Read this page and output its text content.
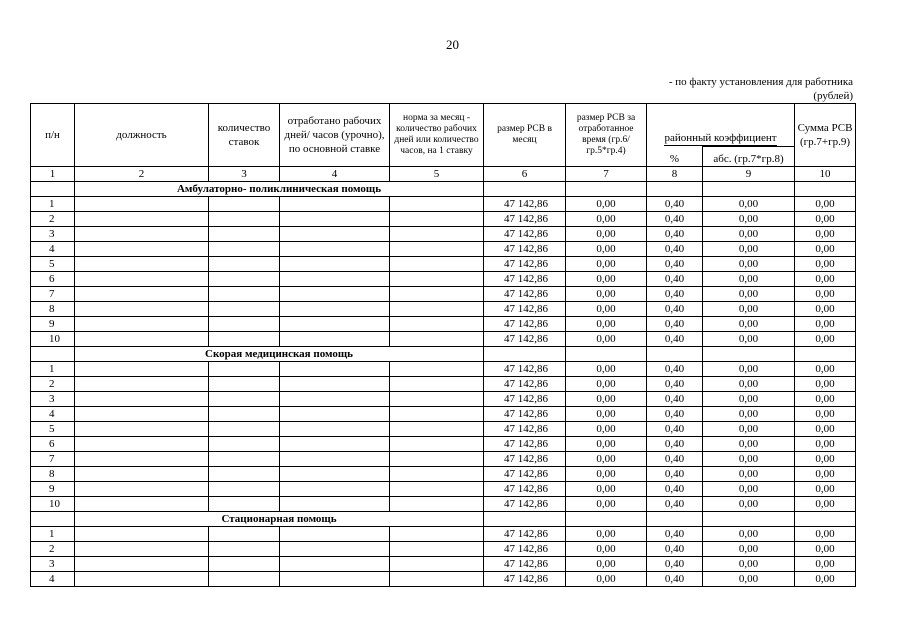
20
- по факту установления для работника
(рублей)
п/н	должность	количество ставок	отработано рабочих дней/ часов (урочно), по основной ставке	норма за месяц - количество рабочих дней или количество часов, на 1 ставку	размер РСВ в месяц	размер РСВ за отработанное время (гр.6/гр.5*гр.4)	районный коэффициент		Сумма РСВ (гр.7+гр.9)
							%	абс. (гр.7*гр.8)	
1	2	3	4	5	6	7	8	9	10
	Амбулаторно- поликлиническая помощь								
1					47 142,86	0,00	0,40	0,00	0,00
2					47 142,86	0,00	0,40	0,00	0,00
3					47 142,86	0,00	0,40	0,00	0,00
4					47 142,86	0,00	0,40	0,00	0,00
5					47 142,86	0,00	0,40	0,00	0,00
6					47 142,86	0,00	0,40	0,00	0,00
7					47 142,86	0,00	0,40	0,00	0,00
8					47 142,86	0,00	0,40	0,00	0,00
9					47 142,86	0,00	0,40	0,00	0,00
10					47 142,86	0,00	0,40	0,00	0,00
	Скорая медицинская помощь								
1					47 142,86	0,00	0,40	0,00	0,00
2					47 142,86	0,00	0,40	0,00	0,00
3					47 142,86	0,00	0,40	0,00	0,00
4					47 142,86	0,00	0,40	0,00	0,00
5					47 142,86	0,00	0,40	0,00	0,00
6					47 142,86	0,00	0,40	0,00	0,00
7					47 142,86	0,00	0,40	0,00	0,00
8					47 142,86	0,00	0,40	0,00	0,00
9					47 142,86	0,00	0,40	0,00	0,00
10					47 142,86	0,00	0,40	0,00	0,00
	Стационарная помощь								
1					47 142,86	0,00	0,40	0,00	0,00
2					47 142,86	0,00	0,40	0,00	0,00
3					47 142,86	0,00	0,40	0,00	0,00
4					47 142,86	0,00	0,40	0,00	0,00
